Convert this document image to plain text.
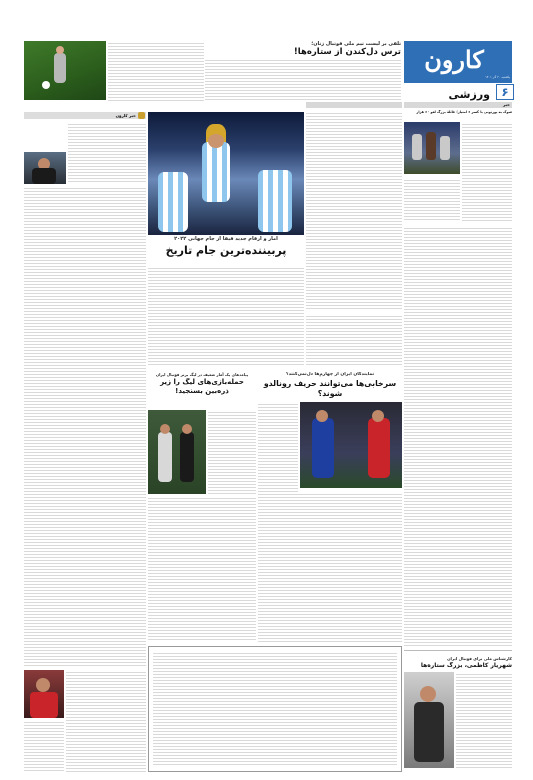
کارون
یکشنبه ۲۰ آذر ۱۴۰۱
ورزشی ۶
تلقی بر لیست تیم ملی فوتبال زنان؛
ترس دل‌کندن از ستاره‌ها!
خبر
شوک به پورتونی با کسر ۶ امتیاز؛ غائلهٔ بزرگ لغو ۶۰ هزار
خبر کارون
آمار و ارقام جدید فیفا از جام جهانی ۲۰۲۲
پربیننده‌ترین جام تاریخ
نمایندگان ایران از چهارم‌ها دل‌نمی‌کنند؟
سرخابی‌ها می‌توانند حریف رونالدو شوند؟
پیامدهای یک آمار ضعیف در لیگ برتر فوتبال ایران
حمله‌بازی‌های لیگ را زیر ذره‌بین بسنجید!
کارشناس ملی برای فوتبال ایران
شهریار کاظمی، بزرگ ستاره‌ها
